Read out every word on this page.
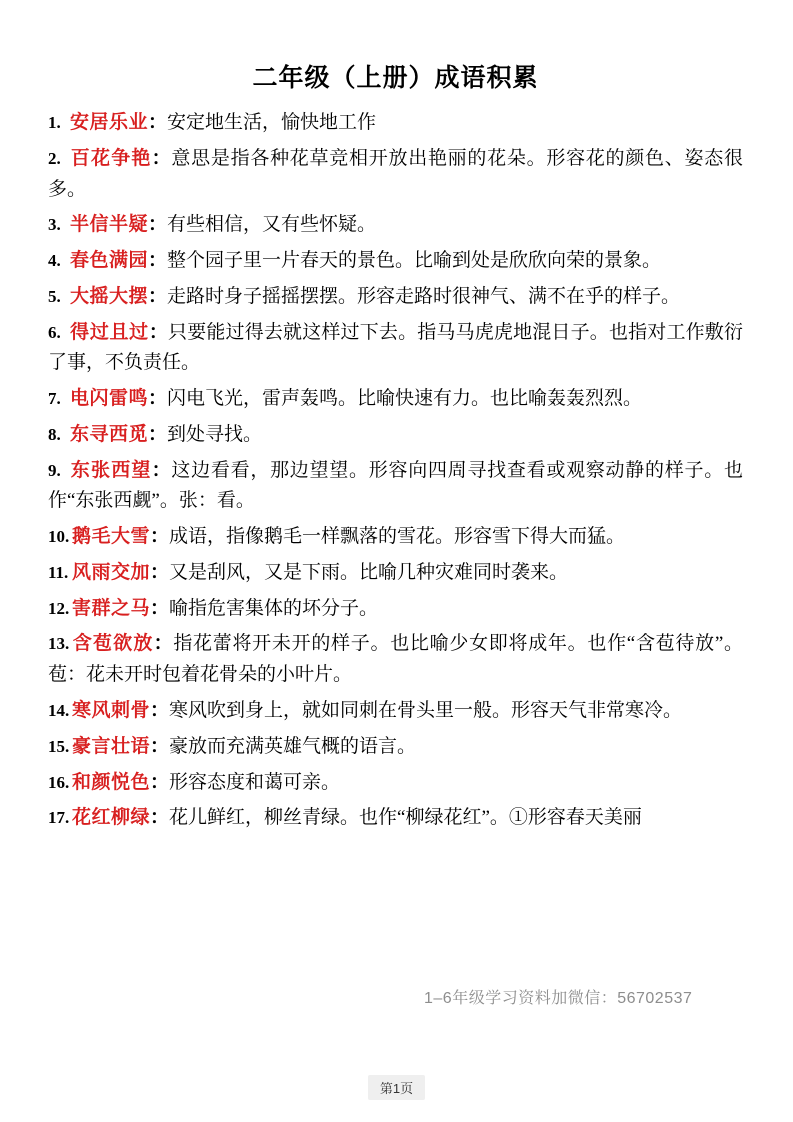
二年级（上册）成语积累
1. 安居乐业：安定地生活，愉快地工作
2. 百花争艳：意思是指各种花草竞相开放出艳丽的花朵。形容花的颜色、姿态很多。
3. 半信半疑：有些相信，又有些怀疑。
4. 春色满园：整个园子里一片春天的景色。比喻到处是欣欣向荣的景象。
5. 大摇大摆：走路时身子摇摇摆摆。形容走路时很神气、满不在乎的样子。
6. 得过且过：只要能过得去就这样过下去。指马马虎虎地混日子。也指对工作敷衍了事，不负责任。
7. 电闪雷鸣：闪电飞光，雷声轰鸣。比喻快速有力。也比喻轰轰烈烈。
8. 东寻西觅：到处寻找。
9. 东张西望：这边看看，那边望望。形容向四周寻找查看或观察动静的样子。也作“东张西觑”。张：看。
10. 鹅毛大雪：成语，指像鹅毛一样飘落的雪花。形容雪下得大而猛。
11. 风雨交加：又是刮风，又是下雨。比喻几种灾难同时袭来。
12. 害群之马：喻指危害集体的坏分子。
13. 含苞欲放：指花蕾将开未开的样子。也比喻少女即将成年。也作“含苞待放”。苞：花未开时包着花骨朵的小叶片。
14. 寒风刺骨：寒风吹到身上，就如同刺在骨头里一般。形容天气非常寒冷。
15. 豪言壮语：豪放而充满英雄气概的语言。
16. 和颜悦色：形容态度和蔼可亲。
17. 花红柳绿：花儿鲜红，柳丝青绿。也作“柳绿花红”。①形容春天美丽
1–6年级学习资料加微信：56702537
第1页
